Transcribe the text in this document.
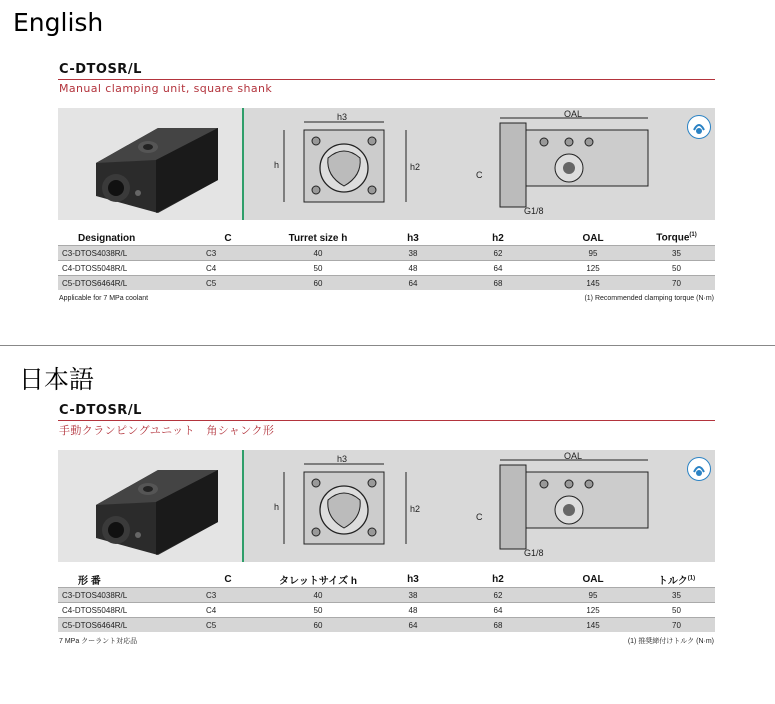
English
C-DTOSR/L
Manual clamping unit, square shank
h3
h	h2
OAL
C
G1/8
Designation	C	Turret size h	h3	h2	OAL	Torque$^{(1)}$
C3-DTOS4038R/L	C3	40	38	62	95	35
C4-DTOS5048R/L	C4	50	48	64	125	50
C5-DTOS6464R/L	C5	60	64	68	145	70
Applicable for 7 MPa coolant	(1) Recommended clamping torque (N·m)
日本語
C-DTOSR/L
手動クランピングユニット　角シャンク形
h3
h	h2
OAL
C
G1/8
形 番	C	タレットサイズ h	h3	h2	OAL	トルク$^{(1)}$
C3-DTOS4038R/L	C3	40	38	62	95	35
C4-DTOS5048R/L	C4	50	48	64	125	50
C5-DTOS6464R/L	C5	60	64	68	145	70
7 MPa クーラント対応品	(1) 推奨締付けトルク (N·m)
